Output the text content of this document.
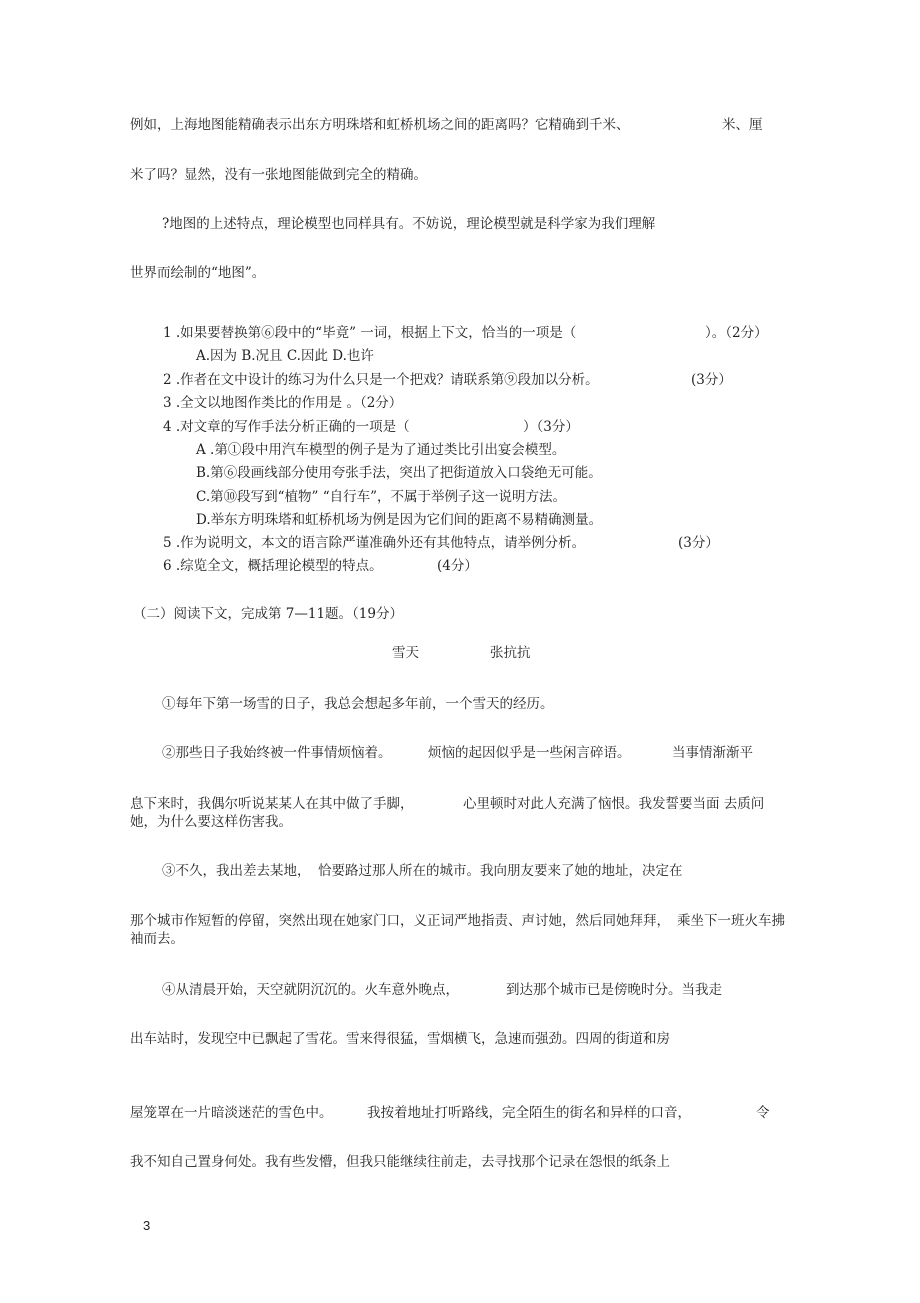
例如，上海地图能精确表示出东方明珠塔和虹桥机场之间的距离吗？它精确到千米、	米、厘
米了吗？显然，没有一张地图能做到完全的精确。
?地图的上述特点，理论模型也同样具有。不妨说，理论模型就是科学家为我们理解
世界而绘制的“地图”。
1 .如果要替换第⑥段中的“毕竟” 一词，根据上下文，恰当的一项是（	）。（2分）
A.因为 B.况且 C.因此 D.也许
2 .作者在文中设计的练习为什么只是一个把戏？请联系第⑨段加以分析。	(3分）
3 .全文以地图作类比的作用是 。（2分）
4 .对文章的写作手法分析正确的一项是（	）（3分）
A .第①段中用汽车模型的例子是为了通过类比引出宴会模型。
B.第⑥段画线部分使用夸张手法，突出了把街道放入口袋绝无可能。
C.第⑩段写到“植物” “自行车”，不属于举例子这一说明方法。
D.举东方明珠塔和虹桥机场为例是因为它们间的距离不易精确测量。
5 .作为说明文，本文的语言除严谨准确外还有其他特点，请举例分析。	(3分）
6 .综览全文，概括理论模型的特点。	(4分）
（二）阅读下文，完成第 7—11题。（19分）
雪天	张抗抗
①每年下第一场雪的日子，我总会想起多年前，一个雪天的经历。
②那些日子我始终被一件事情烦恼着。	烦恼的起因似乎是一些闲言碎语。	当事情渐渐平
息下来时，我偶尔听说某某人在其中做了手脚，	心里顿时对此人充满了恼恨。我发誓要当面 去质问
她，为什么要这样伤害我。
③不久，我出差去某地， 恰要路过那人所在的城市。我向朋友要来了她的地址，决定在
那个城市作短暂的停留，突然出现在她家门口，义正词严地指责、声讨她，然后同她拜拜， 乘坐下一班火车拂
袖而去。
④从清晨开始，天空就阴沉沉的。火车意外晚点，	到达那个城市已是傍晚时分。当我走
出车站时，发现空中已飘起了雪花。雪来得很猛，雪烟横飞，急速而强劲。四周的街道和房
屋笼罩在一片暗淡迷茫的雪色中。	我按着地址打听路线，完全陌生的街名和异样的口音，	令
我不知自己置身何处。我有些发懵，但我只能继续往前走，去寻找那个记录在怨恨的纸条上
3
